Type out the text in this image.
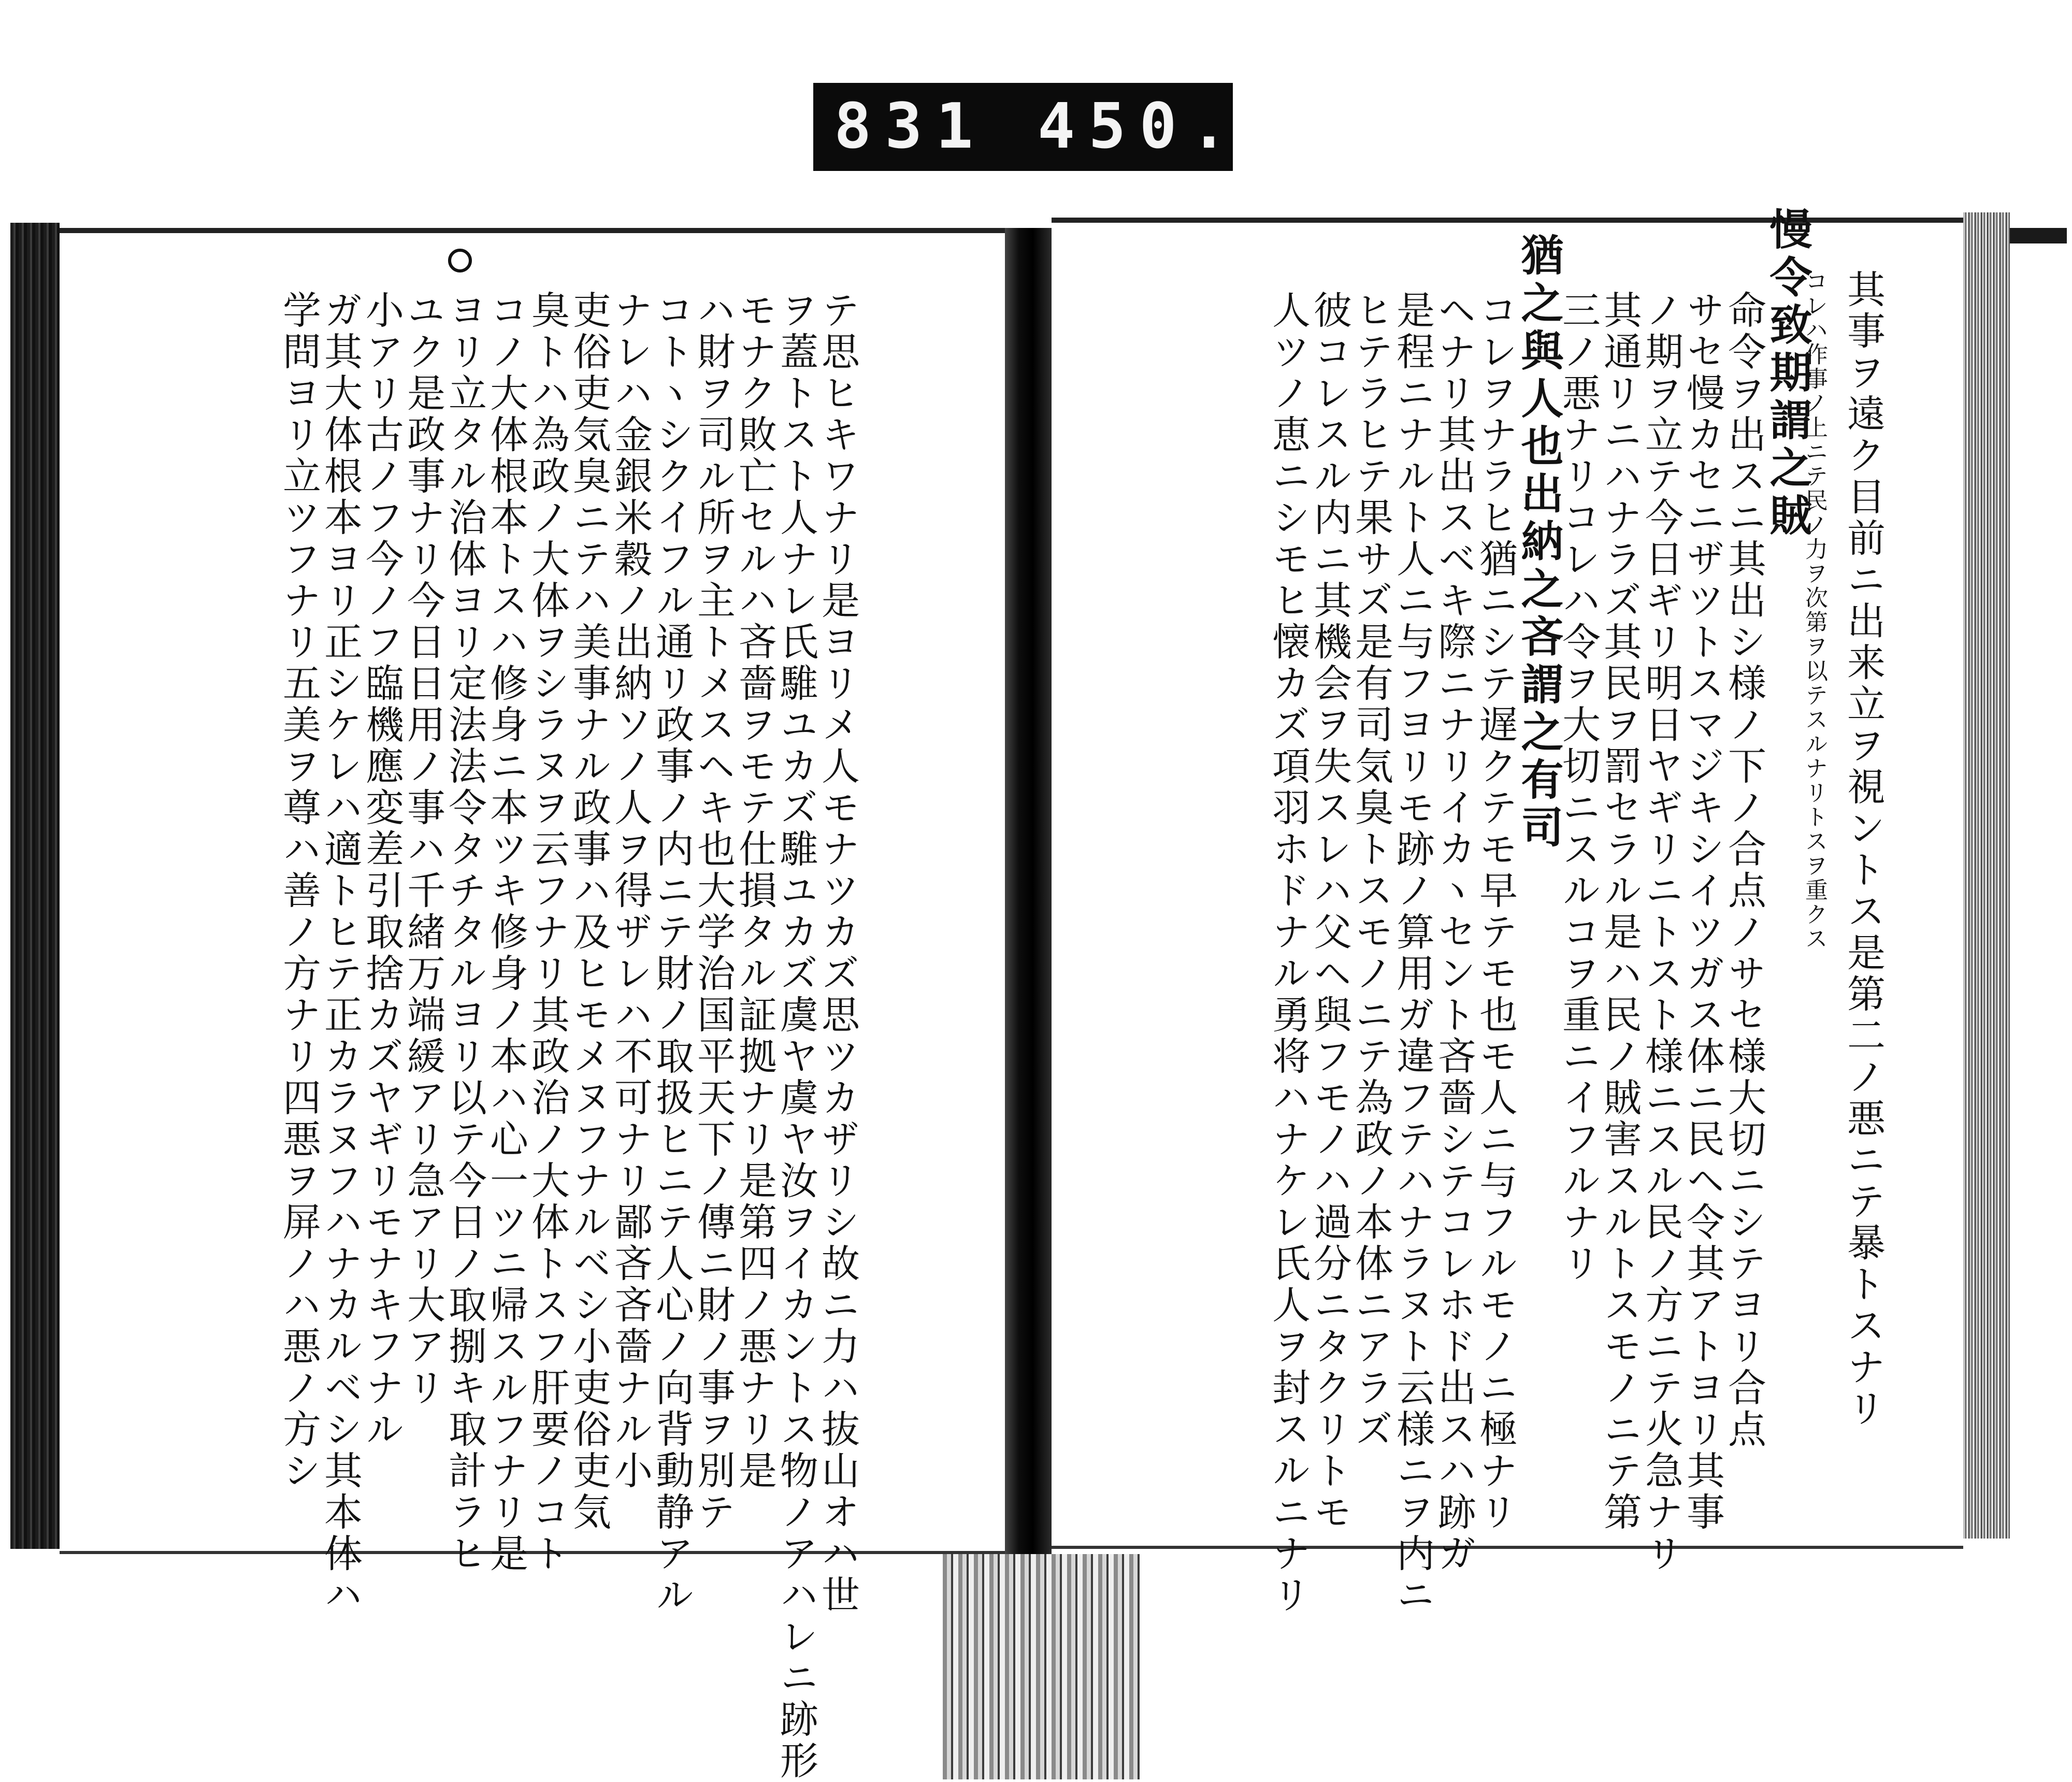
831 450.
テ思ヒキワナリ是ヨリメ人モナツカズ思ツカザリシ故ニ力ハ抜山オハ世
ヲ蓋トスト人ナレ氏騅ユカズ騅ユカズ虞ヤ虞ヤ汝ヲイカントス物ノアハレニ跡形
モナク敗亡セルハ吝嗇ヲモテ仕損タル証拠ナリ是第四ノ悪ナリ是
ハ財ヲ司ル所ヲ主トメスヘキ也大学治国平天下ノ傳ニ財ノ事ヲ別テ
コトヽシクイフル通リ政事ノ内ニテ財ノ取扱ヒニテ人心ノ向背動静アル
ナレハ金銀米穀ノ出納ソノ人ヲ得ザレハ不可ナリ鄙吝吝嗇ナル小
吏俗吏気臭ニテハ美事ナル政事ハ及ヒモメヌフナルベシ小吏俗吏気
臭トハ為政ノ大体ヲシラヌヲ云フナリ其政治ノ大体トスフ肝要ノコト
コノ大体根本トスハ修身ニ本ツキ修身ノ本ハ心一ツニ帰スルフナリ是
ヨリ立タル治体ヨリ定法法令タチタルヨリ以テ今日ノ取捌キ取計ラヒ
ユク是政事ナリ今日日用ノ事ハ千緒万端緩アリ急アリ大アリ
小アリ古ノフ今ノフ臨機應変差引取捨カズヤギリモナキフナル
ガ其大体根本ヨリ正シケレハ適トヒテ正カラヌフハナカルベシ其本体ハ
学問ヨリ立ツフナリ五美ヲ尊ハ善ノ方ナリ四悪ヲ屏ノハ悪ノ方シ	其事ヲ遠ク目前ニ出来立ヲ視ントス是第二ノ悪ニテ暴トスナリ
コレハ作事ノ上ニテ民ノ力ヲ次第ヲ以テスルナリトスヲ重クス
慢令致期謂之賊
命令ヲ出スニ其出シ様ノ下ノ合点ノサセ様大切ニシテヨリ合点
サセ慢カセニザツトスマジキシイツガス体ニ民ヘ令其アトヨリ其事
ノ期ヲ立テ今日ギリ明日ヤギリニトスト様ニスル民ノ方ニテ火急ナリ
其通リニハナラズ其民ヲ罰セラル是ハ民ノ賊害スルトスモノニテ第
三ノ悪ナリコレハ令ヲ大切ニスルコヲ重ニイフルナリ
猶之與人也出納之吝謂之有司
コレヲナラヒ猶ニシテ遅クテモ早テモ也モ人ニ与フルモノニ極ナリ
ヘナリ其出スベキ際ニナリイカヽセント吝嗇シテコレホド出スハ跡ガ
是程ニナルト人ニ与フヨリモ跡ノ算用ガ違フテハナラヌト云様ニヲ内ニ
ヒテラヒテ果サズ是有司気臭トスモノニテ為政ノ本体ニアラズ
彼コレスル内ニ其機会ヲ失スレハ父ヘ與フモノハ過分ニタクリトモ
人ツノ恵ニシモヒ懐カズ項羽ホドナル勇将ハナケレ氏人ヲ封スルニナリ
